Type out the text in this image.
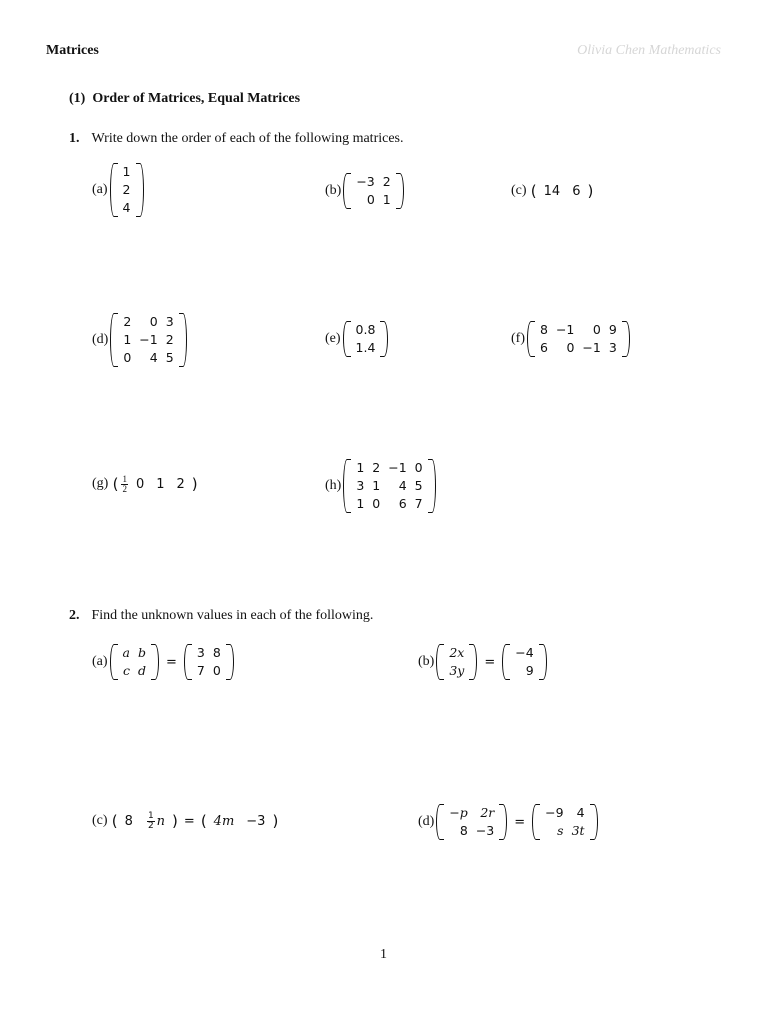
Matrices	Olivia Chen Mathematics
(1) Order of Matrices, Equal Matrices
1. Write down the order of each of the following matrices.
(a)
1
2
4
(b)
−3	2
0	1
(c)
( 14 6 )
(d)
2	0	3
1	−1	2
0	4	5
(e)
0.8
1.4
(f)
8	−1	0	9
6	0	−1	3
(g)
( $\frac{1}{2} 0$ 1 2 )	(h)
1	2	−1	0
3	1	4	5
1	0	6	7
2. Find the unknown values in each of the following.
(a)
a	b
c	d
=
3	8
7	0
(b)
2x
3y
=
−4
9
(c)
( $8 \frac{1}{2}$ n ) = ( 4m −3 )	(d)
−p	2r
8	−3
=
−9	4
s	3t
1
